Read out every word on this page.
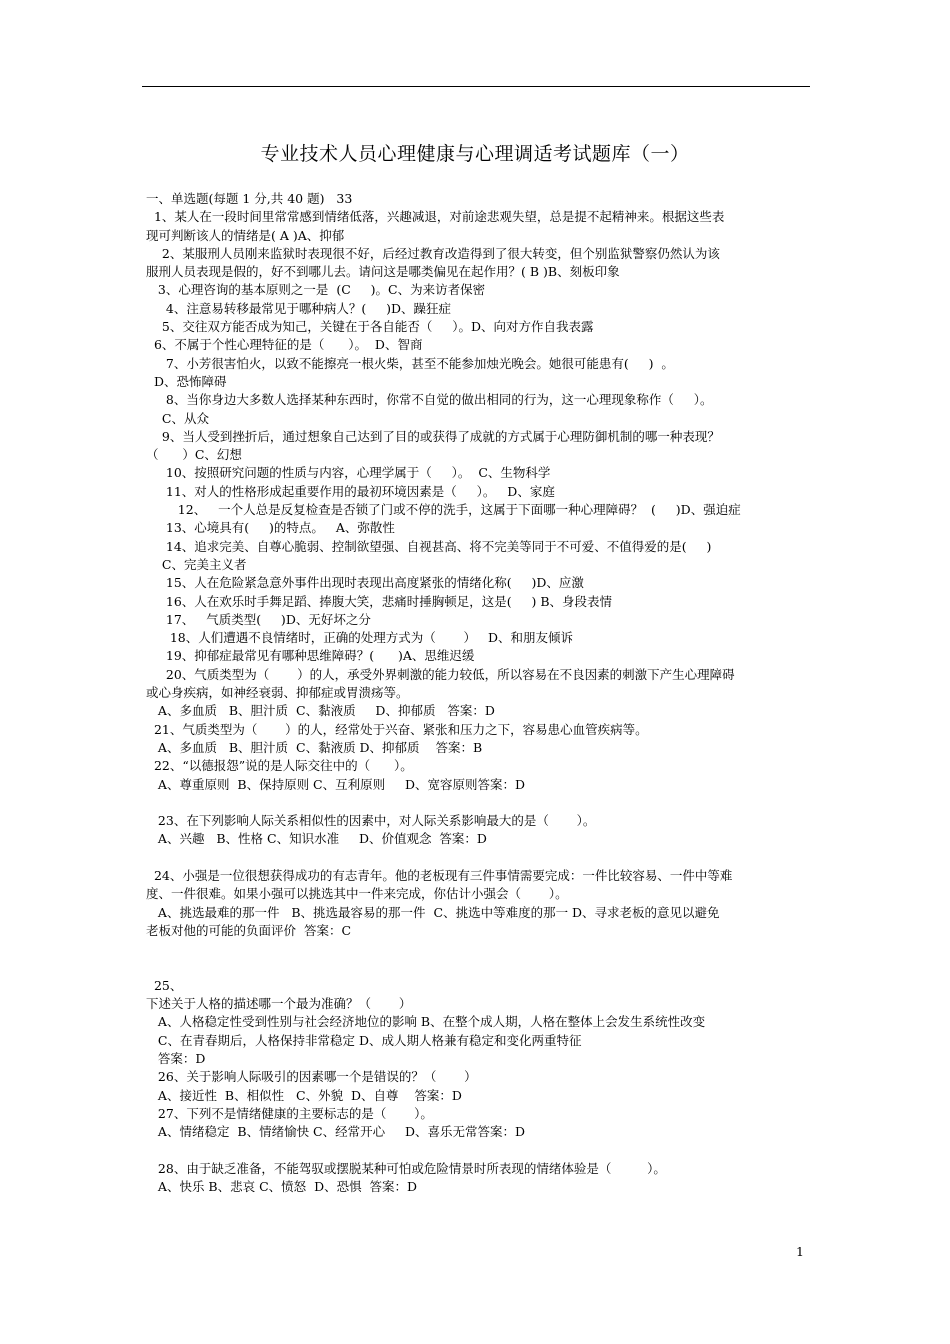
专业技术人员心理健康与心理调适考试题库（一）
一、单选题(每题 1 分,共 40 题)   33
1、某人在一段时间里常常感到情绪低落，兴趣减退，对前途悲观失望，总是提不起精神来。根据这些表
现可判断该人的情绪是( A )A、抑郁
2、某服刑人员刚来监狱时表现很不好，后经过教育改造得到了很大转变，但个别监狱警察仍然认为该
服刑人员表现是假的，好不到哪儿去。请问这是哪类偏见在起作用？( B )B、刻板印象
3、心理咨询的基本原则之一是  (C     )。C、为来访者保密
4、注意易转移最常见于哪种病人？(     )D、躁狂症
5、交往双方能否成为知己，关键在于各自能否（     ）。D、向对方作自我表露
6、不属于个性心理特征的是（      ）。  D、智商
7、小芳很害怕火，以致不能擦亮一根火柴，甚至不能参加烛光晚会。她很可能患有(     )  。
D、恐怖障碍
8、当你身边大多数人选择某种东西时，你常不自觉的做出相同的行为，这一心理现象称作（     ）。
C、从众
9、当人受到挫折后，通过想象自己达到了目的或获得了成就的方式属于心理防御机制的哪一种表现？
（      ）C、幻想
10、按照研究问题的性质与内容，心理学属于（     ）。  C、生物科学
11、对人的性格形成起重要作用的最初环境因素是（     ）。   D、家庭
12、   一个人总是反复检查是否锁了门或不停的洗手，这属于下面哪一种心理障碍？  (     )D、强迫症
13、心境具有(     )的特点。   A、弥散性
14、追求完美、自尊心脆弱、控制欲望强、自视甚高、将不完美等同于不可爱、不值得爱的是(     )
C、完美主义者
15、人在危险紧急意外事件出现时表现出高度紧张的情绪化称(     )D、应激
16、人在欢乐时手舞足蹈、捧腹大笑，悲痛时捶胸顿足，这是(     ) B、身段表情
17、   气质类型(     )D、无好坏之分
18、人们遭遇不良情绪时，正确的处理方式为（       ）   D、和朋友倾诉
19、抑郁症最常见有哪种思维障碍？(      )A、思维迟缓
20、气质类型为（       ）的人，承受外界刺激的能力较低，所以容易在不良因素的刺激下产生心理障碍
或心身疾病，如神经衰弱、抑郁症或胃溃疡等。
A、多血质   B、胆汁质  C、黏液质     D、抑郁质   答案：D
21、气质类型为（       ）的人，经常处于兴奋、紧张和压力之下，容易患心血管疾病等。
A、多血质   B、胆汁质  C、黏液质 D、抑郁质    答案：B
22、“以德报怨”说的是人际交往中的（      ）。
A、尊重原则  B、保持原则 C、互利原则     D、宽容原则答案：D
23、在下列影响人际关系相似性的因素中，对人际关系影响最大的是（       ）。
A、兴趣   B、性格 C、知识水准     D、价值观念  答案：D
24、小强是一位很想获得成功的有志青年。他的老板现有三件事情需要完成：一件比较容易、一件中等难
度、一件很难。如果小强可以挑选其中一件来完成，你估计小强会（       ）。
A、挑选最难的那一件   B、挑选最容易的那一件  C、挑选中等难度的那一 D、寻求老板的意见以避免
老板对他的可能的负面评价  答案：C
25、
下述关于人格的描述哪一个最为准确？（       ）
A、人格稳定性受到性别与社会经济地位的影响 B、在整个成人期，人格在整体上会发生系统性改变
C、在青春期后，人格保持非常稳定 D、成人期人格兼有稳定和变化两重特征
答案：D
26、关于影响人际吸引的因素哪一个是错误的？（       ）
A、接近性  B、相似性   C、外貌  D、自尊    答案：D
27、下列不是情绪健康的主要标志的是（       ）。
A、情绪稳定  B、情绪愉快 C、经常开心     D、喜乐无常答案：D
28、由于缺乏准备，不能驾驭或摆脱某种可怕或危险情景时所表现的情绪体验是（         ）。
A、快乐 B、悲哀 C、愤怒  D、恐惧  答案：D
1
